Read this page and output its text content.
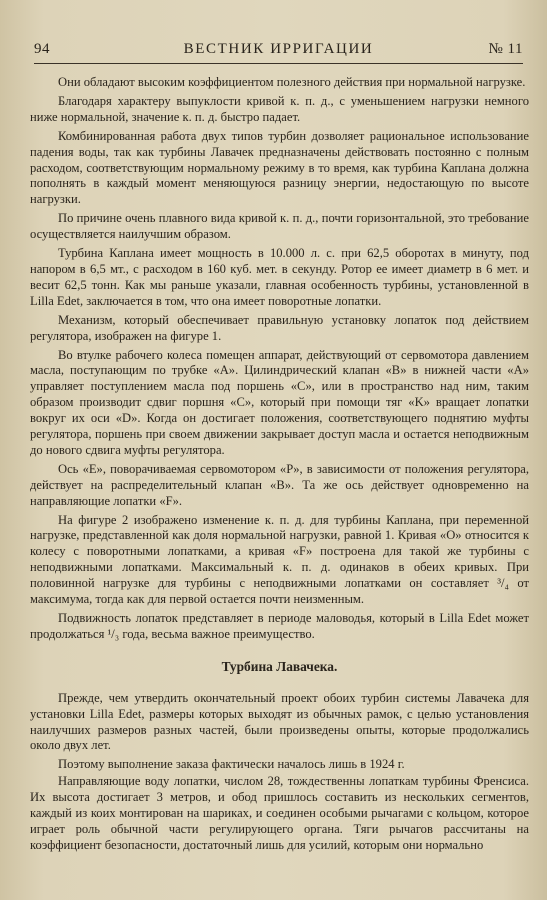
94	ВЕСТНИК ИРРИГАЦИИ	№ 11

Они обладают высоким коэффициентом полезного действия при нормальной нагрузке.

Благодаря характеру выпуклости кривой к. п. д., с уменьшением нагрузки немного ниже нормальной, значение к. п. д. быстро падает.

Комбинированная работа двух типов турбин дозволяет рациональное использование падения воды, так как турбины Лавачек предназначены действовать постоянно с полным расходом, соответствующим нормальному режиму в то время, как турбина Каплана должна пополнять в каждый момент меняющуюся разницу энергии, недостающую по высоте нагрузки.

По причине очень плавного вида кривой к. п. д., почти горизонтальной, это требование осуществляется наилучшим образом.

Турбина Каплана имеет мощность в 10.000 л. с. при 62,5 оборотах в минуту, под напором в 6,5 мт., с расходом в 160 куб. мет. в секунду. Ротор ее имеет диаметр в 6 мет. и весит 62,5 тонн. Как мы раньше указали, главная особенность турбины, установленной в Lilla Edet, заключается в том, что она имеет поворотные лопатки.

Механизм, который обеспечивает правильную установку лопаток под действием регулятора, изображен на фигуре 1.

Во втулке рабочего колеса помещен аппарат, действующий от сервомотора давлением масла, поступающим по трубке «A». Цилиндрический клапан «B» в нижней части «A» управляет поступлением масла под поршень «C», или в пространство над ним, таким образом производит сдвиг поршня «C», который при помощи тяг «K» вращает лопатки вокруг их оси «D». Когда он достигает положения, соответствующего поднятию муфты регулятора, поршень при своем движении закрывает доступ масла и остается неподвижным до нового сдвига муфты регулятора.

Ось «E», поворачиваемая сервомотором «P», в зависимости от положения регулятора, действует на распределительный клапан «B». Та же ось действует одновременно на направляющие лопатки «F».

На фигуре 2 изображено изменение к. п. д. для турбины Каплана, при переменной нагрузке, представленной как доля нормальной нагрузки, равной 1. Кривая «O» относится к колесу с поворотными лопатками, а кривая «F» построена для такой же турбины с неподвижными лопатками. Максимальный к. п. д. одинаков в обеих кривых. При половинной нагрузке для турбины с неподвижными лопатками он составляет ³/₄ от максимума, тогда как для первой остается почти неизменным.

Подвижность лопаток представляет в периоде маловодья, который в Lilla Edet может продолжаться ¹/₃ года, весьма важное преимущество.

Турбина Лавачека.

Прежде, чем утвердить окончательный проект обоих турбин системы Лавачека для установки Lilla Edet, размеры которых выходят из обычных рамок, с целью установления наилучших размеров разных частей, были произведены опыты, которые продолжались около двух лет.

Поэтому выполнение заказа фактически началось лишь в 1924 г.

Направляющие воду лопатки, числом 28, тождественны лопаткам турбины Френсиса. Их высота достигает 3 метров, и обод пришлось составить из нескольких сегментов, каждый из коих монтирован на шариках, и соединен особыми рычагами с кольцом, которое играет роль обычной части регулирующего органа. Тяги рычагов рассчитаны на коэффициент безопасности, достаточный лишь для усилий, которым они нормально
